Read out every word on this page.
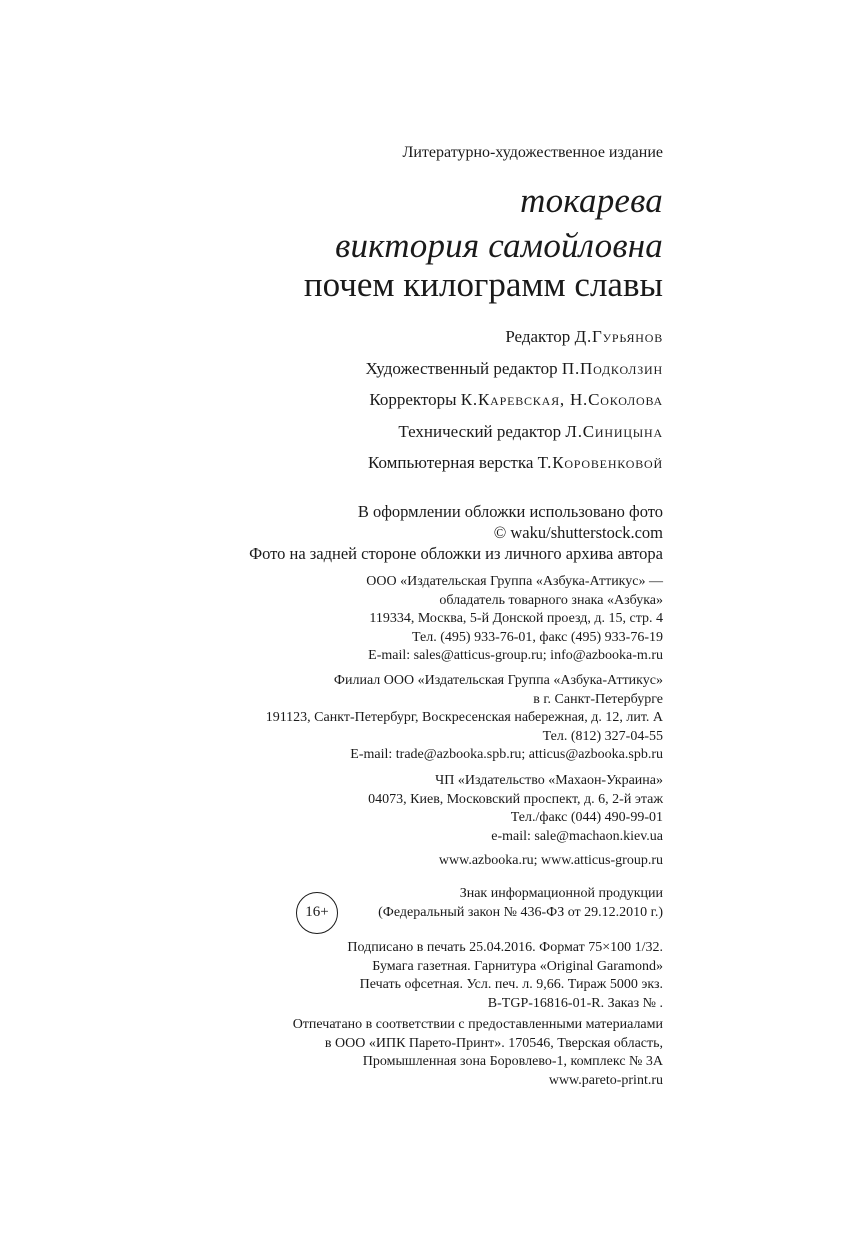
Литературно-художественное издание
токарева
виктория самойловна
почем килограмм славы
Редактор Д.Гурьянов
Художественный редактор П.Подколзин
Корректоры К.Каревская, Н.Соколова
Технический редактор Л.Синицына
Компьютерная верстка Т.Коровенковой
В оформлении обложки использовано фото
© waku/shutterstock.com
Фото на задней стороне обложки из личного архива автора
ООО «Издательская Группа «Азбука-Аттикус» —
обладатель товарного знака «Азбука»
119334, Москва, 5-й Донской проезд, д. 15, стр. 4
Тел. (495) 933-76-01, факс (495) 933-76-19
E-mail: sales@atticus-group.ru; info@azbooka-m.ru
Филиал ООО «Издательская Группа «Азбука-Аттикус»
в г. Санкт-Петербурге
191123, Санкт-Петербург, Воскресенская набережная, д. 12, лит. А
Тел. (812) 327-04-55
E-mail: trade@azbooka.spb.ru; atticus@azbooka.spb.ru
ЧП «Издательство «Махаон-Украина»
04073, Киев, Московский проспект, д. 6, 2-й этаж
Тел./факс (044) 490-99-01
e-mail: sale@machaon.kiev.ua
www.azbooka.ru; www.atticus-group.ru
16+
Знак информационной продукции
(Федеральный закон № 436-ФЗ от 29.12.2010 г.)
Подписано в печать 25.04.2016. Формат 75×100 1/32.
Бумага газетная. Гарнитура «Original Garamond»
Печать офсетная. Усл. печ. л. 9,66. Тираж 5000 экз.
B-TGP-16816-01-R. Заказ № .
Отпечатано в соответствии с предоставленными материалами
в ООО «ИПК Парето-Принт». 170546, Тверская область,
Промышленная зона Боровлево-1, комплекс № 3А
www.pareto-print.ru
